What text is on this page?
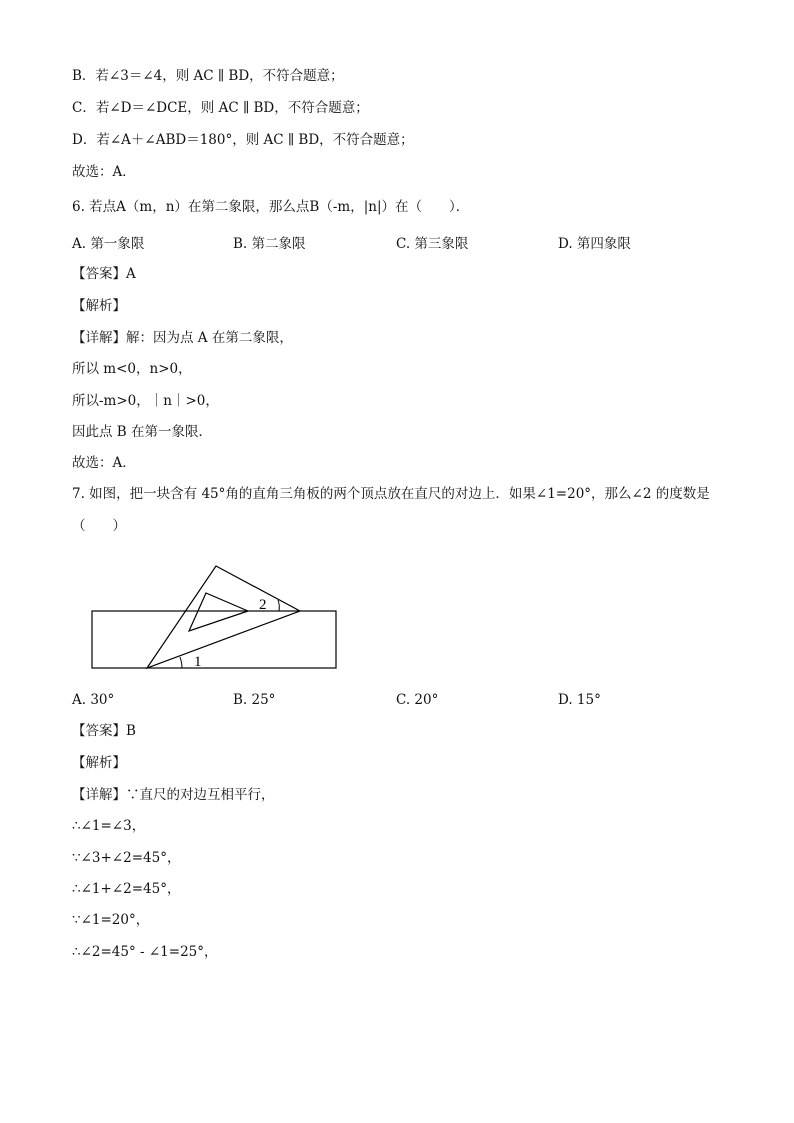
B．若∠3＝∠4，则 AC ∥ BD，不符合题意；
C．若∠D＝∠DCE，则 AC ∥ BD，不符合题意；
D．若∠A＋∠ABD＝180°，则 AC ∥ BD，不符合题意；
故选：A．
6. 若点A（m，n）在第二象限，那么点B（-m，|n|）在（　　）．
A. 第一象限	B. 第二象限	C. 第三象限	D. 第四象限
【答案】A
【解析】
【详解】解：因为点 A 在第二象限，
所以 m<0，n>0，
所以-m>0，｜n｜>0，
因此点 B 在第一象限．
故选：A．
7. 如图，把一块含有 45°角的直角三角板的两个顶点放在直尺的对边上．如果∠1=20°，那么∠2 的度数是
（　　）
1
2
A. 30°	B. 25°	C. 20°	D. 15°
【答案】B
【解析】
【详解】∵直尺的对边互相平行，
∴∠1=∠3，
∵∠3+∠2=45°，
∴∠1+∠2=45°，
∵∠1=20°，
∴∠2=45° - ∠1=25°，
